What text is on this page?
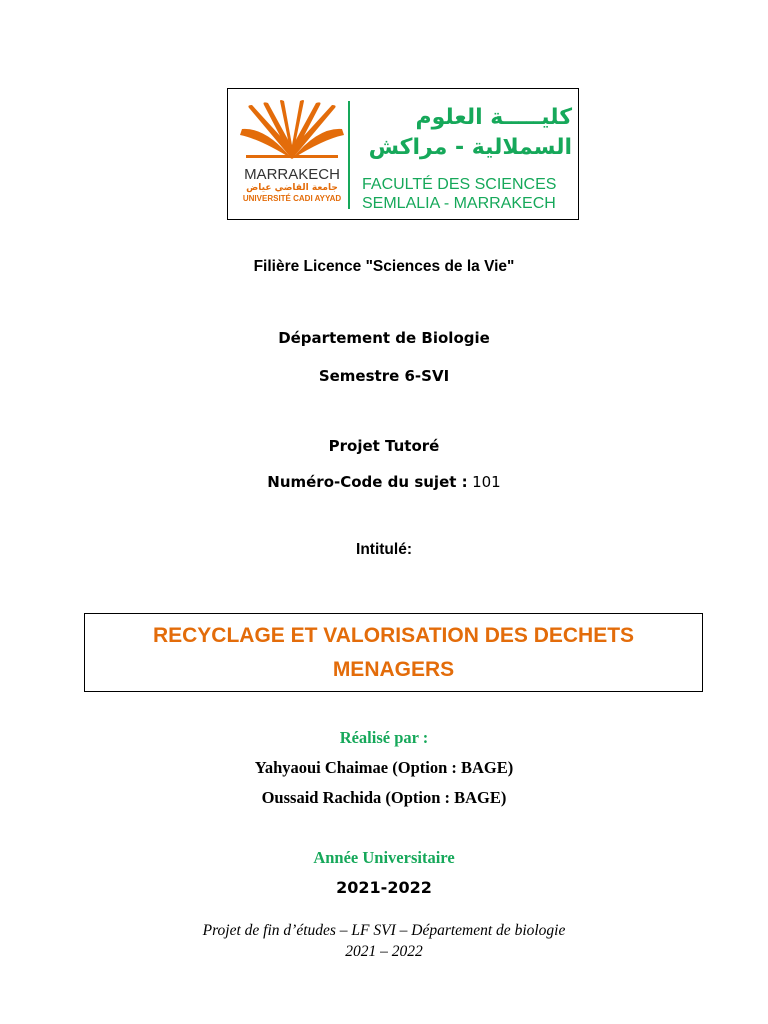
MARRAKECH
جامعة القاضي عياض
UNIVERSITÉ CADI AYYAD
كليـــــة العلوم
السملالية - مراكش
FACULTÉ DES SCIENCES
SEMLALIA - MARRAKECH
Filière Licence "Sciences de la Vie"
Département de Biologie
Semestre 6-SVI
Projet Tutoré
Numéro-Code du sujet : 101
Intitulé:
RECYCLAGE ET VALORISATION DES DECHETS
MENAGERS
Réalisé par :
Yahyaoui Chaimae (Option : BAGE)
Oussaid Rachida (Option : BAGE)
Année Universitaire
2021-2022
Projet de fin d’études – LF SVI – Département de biologie
2021 – 2022
